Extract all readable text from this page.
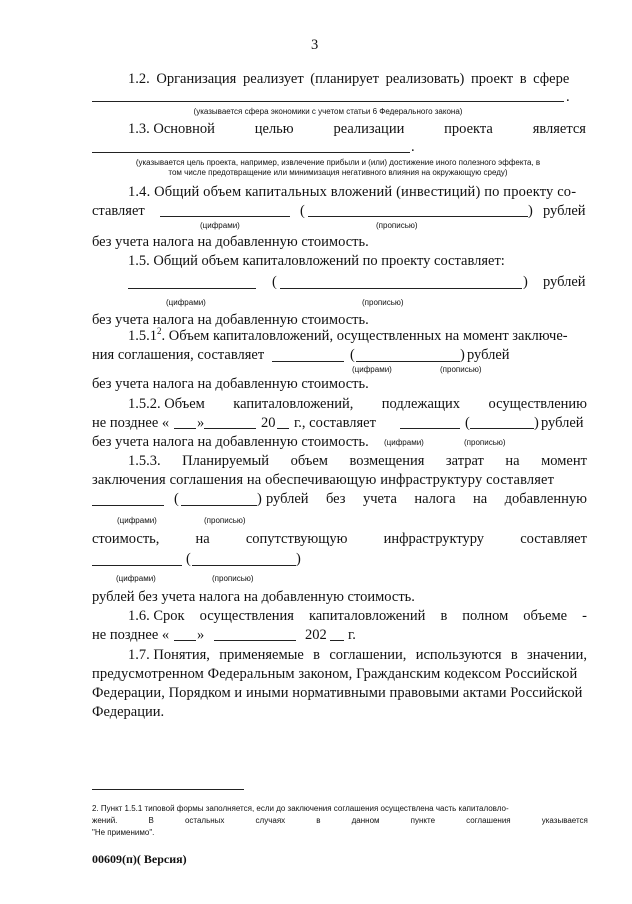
3
1.2. Организация реализует (планирует реализовать) проект в сфере
.
(указывается сфера экономики с учетом статьи 6 Федерального закона)
1.3. Основной	целью	реализации	проекта	является
.
(указывается цель проекта, например, извлечение прибыли и (или) достижение иного полезного эффекта, в
том числе предотвращение или минимизация негативного влияния на окружающую среду)
1.4. Общий объем капитальных вложений (инвестиций) по проекту со-
ставляет	(	) рублей
(цифрами)	(прописью)
без учета налога на добавленную стоимость.
1.5. Общий объем капиталовложений по проекту составляет:
(	) рублей
(цифрами)	(прописью)
без учета налога на добавленную стоимость.
1.5.1$^2$. Объем капиталовложений, осуществленных на момент заключе-
ния соглашения, составляет	(	) рублей
(цифрами)	(прописью)
без учета налога на добавленную стоимость.
1.5.2. Объем капиталовложений, подлежащих осуществлению
не позднее « »	20 г., составляет	(	) рублей
без учета налога на добавленную стоимость. (цифрами)	(прописью)
1.5.3. Планируемый объем возмещения затрат на момент
заключения соглашения на обеспечивающую инфраструктуру составляет
(	) рублей без учета налога на добавленную
(цифрами)	(прописью)
стоимость, на сопутствующую инфраструктуру составляет
(	)
(цифрами)	(прописью)
рублей без учета налога на добавленную стоимость.
1.6. Срок осуществления капиталовложений в полном объеме -
не позднее « »	202 г.
1.7. Понятия, применяемые в соглашении, используются в значении,
предусмотренном Федеральным законом, Гражданским кодексом Российской
Федерации, Порядком и иными нормативными правовыми актами Российской
Федерации.
2. Пункт 1.5.1 типовой формы заполняется, если до заключения соглашения осуществлена часть капиталовло-
жений.	В	остальных	случаях	в	данном	пункте	соглашения	указывается
"Не применимо".
00609(п)( Версия)
